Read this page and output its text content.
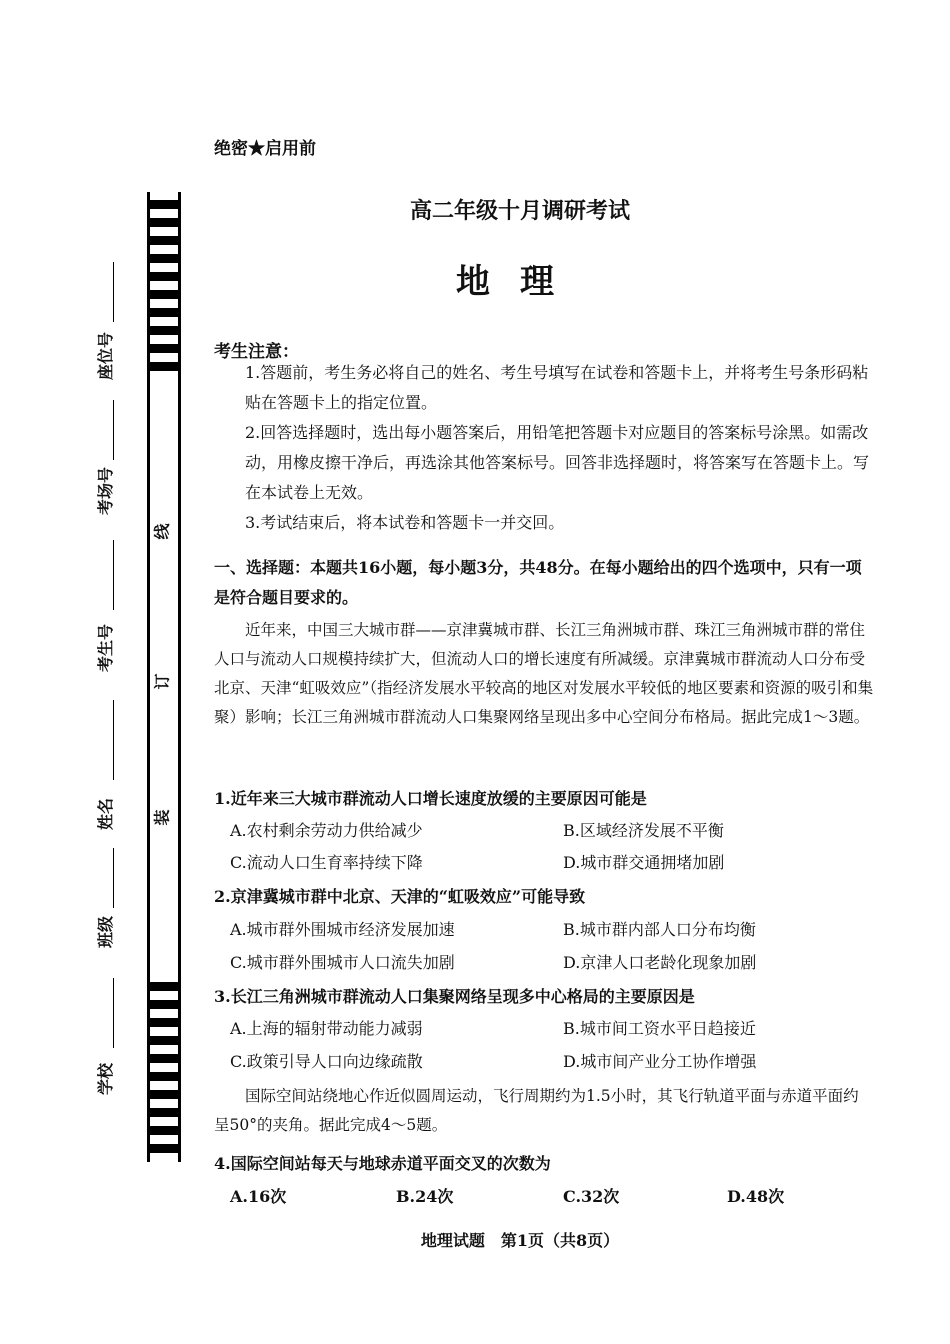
座位号
考场号
考生号
姓名
班级
学校
线
订
装
绝密★启用前
高二年级十月调研考试
地理
考生注意：

1.答题前，考生务必将自己的姓名、考生号填写在试卷和答题卡上，并将考生号条形码粘贴在答题卡上的指定位置。

2.回答选择题时，选出每小题答案后，用铅笔把答题卡对应题目的答案标号涂黑。如需改动，用橡皮擦干净后，再选涂其他答案标号。回答非选择题时，将答案写在答题卡上。写在本试卷上无效。

3.考试结束后，将本试卷和答题卡一并交回。

一、选择题：本题共16小题，每小题3分，共48分。在每小题给出的四个选项中，只有一项是符合题目要求的。

近年来，中国三大城市群——京津冀城市群、长江三角洲城市群、珠江三角洲城市群的常住人口与流动人口规模持续扩大，但流动人口的增长速度有所减缓。京津冀城市群流动人口分布受北京、天津“虹吸效应”（指经济发展水平较高的地区对发展水平较低的地区要素和资源的吸引和集聚）影响；长江三角洲城市群流动人口集聚网络呈现出多中心空间分布格局。据此完成1～3题。

1.近年来三大城市群流动人口增长速度放缓的主要原因可能是
A.农村剩余劳动力供给减少	B.区域经济发展不平衡
C.流动人口生育率持续下降	D.城市群交通拥堵加剧
2.京津冀城市群中北京、天津的“虹吸效应”可能导致
A.城市群外围城市经济发展加速	B.城市群内部人口分布均衡
C.城市群外围城市人口流失加剧	D.京津人口老龄化现象加剧
3.长江三角洲城市群流动人口集聚网络呈现多中心格局的主要原因是
A.上海的辐射带动能力减弱	B.城市间工资水平日趋接近
C.政策引导人口向边缘疏散	D.城市间产业分工协作增强

国际空间站绕地心作近似圆周运动，飞行周期约为1.5小时，其飞行轨道平面与赤道平面约呈50°的夹角。据此完成4～5题。

4.国际空间站每天与地球赤道平面交叉的次数为
A.16次	B.24次	C.32次	D.48次
地理试题　第1页（共8页）
